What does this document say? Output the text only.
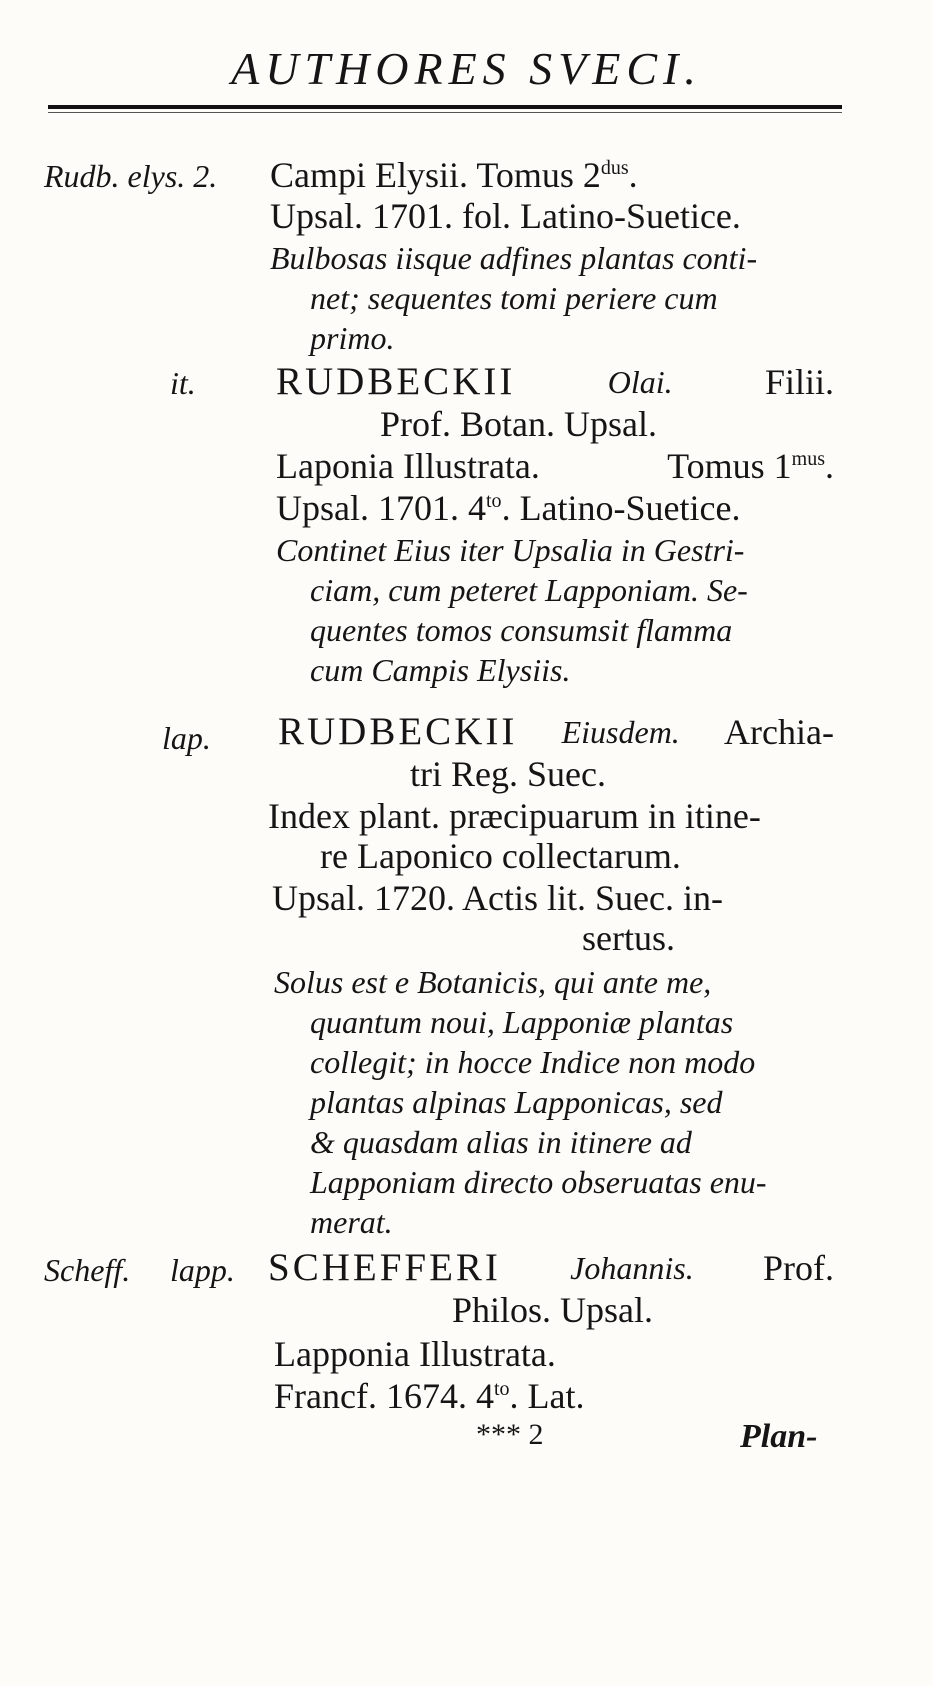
AUTHORES SVECI.
Rudb. elys. 2. Campi Elysii. Tomus $2^{dus}$.
Upsal. 1701. fol. Latino-Suetice.
Bulbosas iisque adfines plantas conti-
net; sequentes tomi periere cum
primo.
it. RUDBECKII	Olai.	Filii.
Prof. Botan. Upsal.
Laponia Illustrata.	Tomus $1^{mus}$.
Upsal. 1701. $4^{to}$. Latino-Suetice.
Continet Eius iter Upsalia in Gestri-
ciam, cum peteret Lapponiam. Se-
quentes tomos consumsit flamma
cum Campis Elysiis.
lap. RUDBECKII Eiusdem. Archia-
tri Reg. Suec.
Index plant. præcipuarum in itine-
re Laponico collectarum.
Upsal. 1720. Actis lit. Suec. in-
sertus.
Solus est e Botanicis, qui ante me,
quantum noui, Lapponiæ plantas
collegit; in hocce Indice non modo
plantas alpinas Lapponicas, sed
& quasdam alias in itinere ad
Lapponiam directo obseruatas enu-
merat.
Scheff. lapp. SCHEFFERI Johannis. Prof.
Philos. Upsal.
Lapponia Illustrata.
Francf. 1674. $4^{to}$. Lat.
*** 2	Plan-
